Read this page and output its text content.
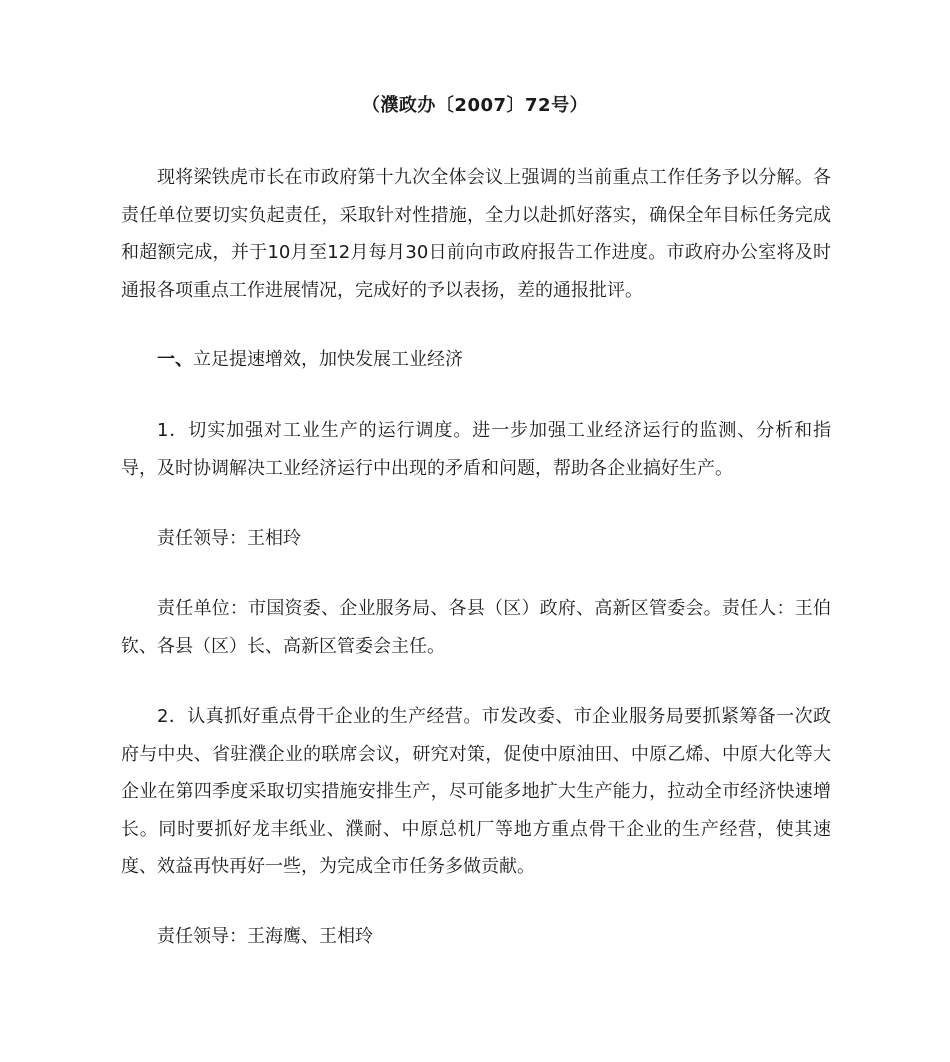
（濮政办〔2007〕72号）

现将梁铁虎市长在市政府第十九次全体会议上强调的当前重点工作任务予以分解。各责任单位要切实负起责任，采取针对性措施，全力以赴抓好落实，确保全年目标任务完成和超额完成，并于10月至12月每月30日前向市政府报告工作进度。市政府办公室将及时通报各项重点工作进展情况，完成好的予以表扬，差的通报批评。

一、立足提速增效，加快发展工业经济

1．切实加强对工业生产的运行调度。进一步加强工业经济运行的监测、分析和指导，及时协调解决工业经济运行中出现的矛盾和问题，帮助各企业搞好生产。

责任领导：王相玲

责任单位：市国资委、企业服务局、各县（区）政府、高新区管委会。责任人：王伯钦、各县（区）长、高新区管委会主任。

2．认真抓好重点骨干企业的生产经营。市发改委、市企业服务局要抓紧筹备一次政府与中央、省驻濮企业的联席会议，研究对策，促使中原油田、中原乙烯、中原大化等大企业在第四季度采取切实措施安排生产，尽可能多地扩大生产能力，拉动全市经济快速增长。同时要抓好龙丰纸业、濮耐、中原总机厂等地方重点骨干企业的生产经营，使其速度、效益再快再好一些，为完成全市任务多做贡献。

责任领导：王海鹰、王相玲
